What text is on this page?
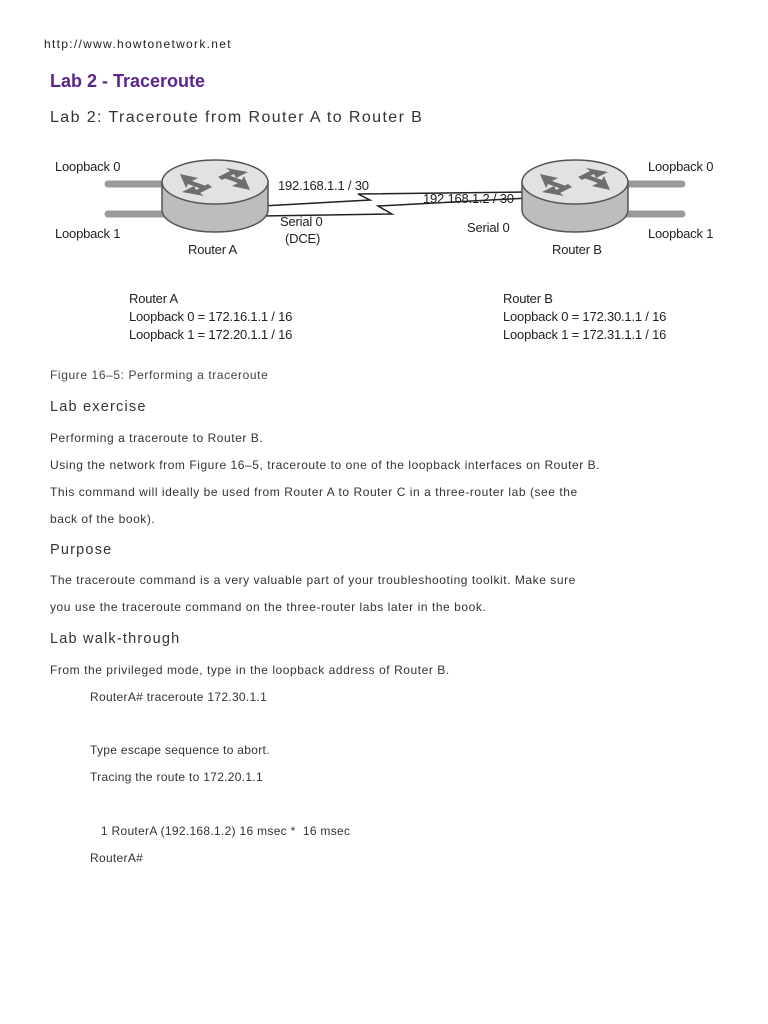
http://www.howtonetwork.net
Lab 2 - Traceroute
Lab 2: Traceroute from Router A to Router B
Loopback 0
Loopback 1
Router A
192.168.1.1 / 30
Serial 0
(DCE)
192.168.1.2 / 30
Serial 0
Router B
Loopback 0
Loopback 1
Router A
Loopback 0 = 172.16.1.1 / 16
Loopback 1 = 172.20.1.1 / 16
Router B
Loopback 0 = 172.30.1.1 / 16
Loopback 1 = 172.31.1.1 / 16
Figure 16–5: Performing a traceroute
Lab exercise
Performing a traceroute to Router B.
Using the network from Figure 16–5, traceroute to one of the loopback interfaces on Router B.
This command will ideally be used from Router A to Router C in a three-router lab (see the
back of the book).
Purpose
The traceroute command is a very valuable part of your troubleshooting toolkit. Make sure
you use the traceroute command on the three-router labs later in the book.
Lab walk-through
From the privileged mode, type in the loopback address of Router B.
RouterA# traceroute 172.30.1.1
Type escape sequence to abort.
Tracing the route to 172.20.1.1
1 RouterA (192.168.1.2) 16 msec *  16 msec
RouterA#
